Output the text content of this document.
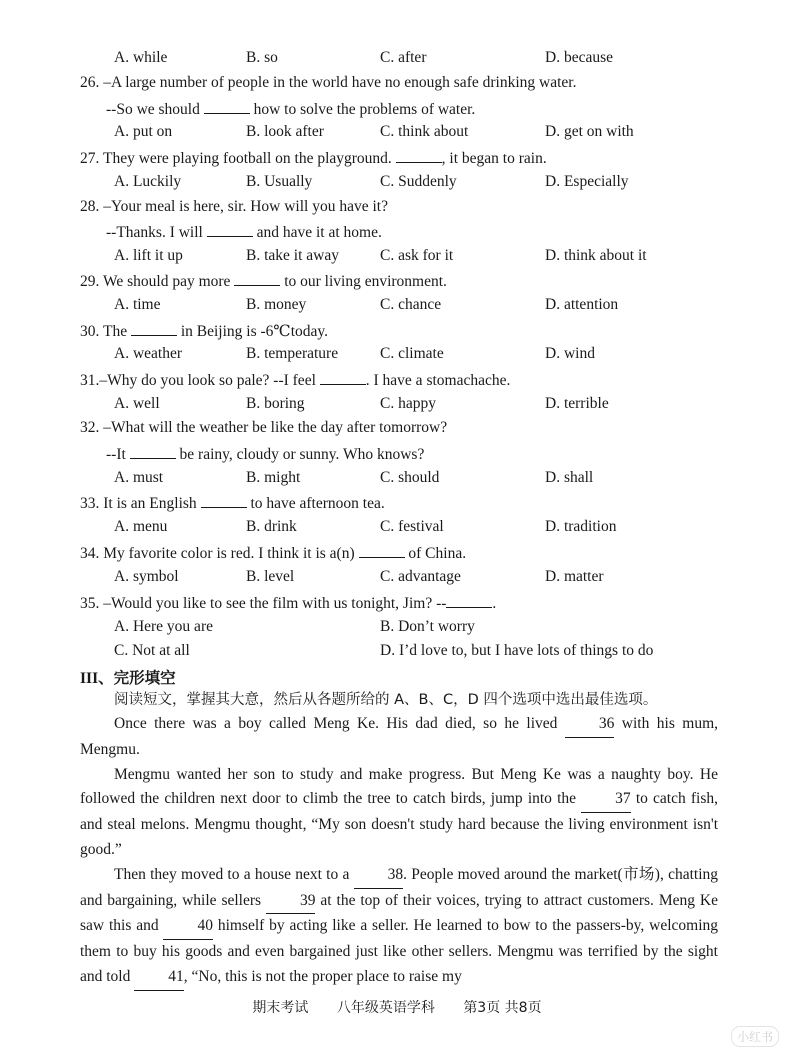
A. while	B. so	C. after	D. because
26. –A large number of people in the world have no enough safe drinking water.
--So we should	how to solve the problems of water.
A. put on	B. look after	C. think about	D. get on with
27. They were playing football on the playground.	, it began to rain.
A. Luckily	B. Usually	C. Suddenly	D. Especially
28. –Your meal is here, sir. How will you have it?
--Thanks. I will	and have it at home.
A. lift it up	B. take it away	C. ask for it	D. think about it
29. We should pay more	to our living environment.
A. time	B. money	C. chance	D. attention
30. The	in Beijing is -6℃today.
A. weather	B. temperature	C. climate	D. wind
31.–Why do you look so pale? --I feel	. I have a stomachache.
A. well	B. boring	C. happy	D. terrible
32. –What will the weather be like the day after tomorrow?
--It	be rainy, cloudy or sunny. Who knows?
A. must	B. might	C. should	D. shall
33. It is an English	to have afternoon tea.
A. menu	B. drink	C. festival	D. tradition
34. My favorite color is red. I think it is a(n)	of China.
A. symbol	B. level	C. advantage	D. matter
35. –Would you like to see the film with us tonight, Jim? --	.
A. Here you are	B. Don’t worry
C. Not at all	D. I’d love to, but I have lots of things to do
III、完形填空
阅读短文，掌握其大意，然后从各题所给的 A、B、C，D 四个选项中选出最佳选项。

Once there was a boy called Meng Ke. His dad died, so he lived	36 with his mum, Mengmu.

Mengmu wanted her son to study and make progress. But Meng Ke was a naughty boy. He followed the children next door to climb the tree to catch birds, jump into the	37 to catch fish, and steal melons. Mengmu thought, “My son doesn't study hard because the living environment isn't good.”

Then they moved to a house next to a 38. People moved around the market(市场), chatting and bargaining, while sellers	39 at the top of their voices, trying to attract customers. Meng Ke saw this and	40 himself by acting like a seller. He learned to bow to the passers-by, welcoming them to buy his goods and even bargained just like other sellers. Mengmu was terrified by the sight and told 41, “No, this is not the proper place to raise my

期末考试 八年级英语学科 第3页 共8页
小红书
